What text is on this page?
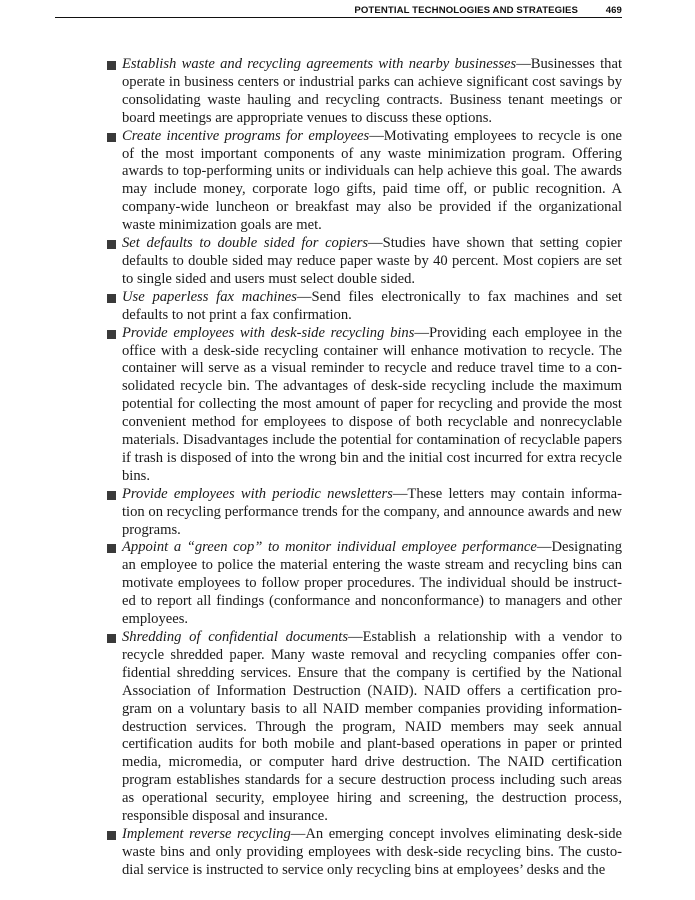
POTENTIAL TECHNOLOGIES AND STRATEGIES	469
Establish waste and recycling agreements with nearby businesses—Businesses that operate in business centers or industrial parks can achieve significant cost savings by consolidating waste hauling and recycling contracts. Business tenant meetings or board meetings are appropriate venues to discuss these options.
Create incentive programs for employees—Motivating employees to recycle is one of the most important components of any waste minimization program. Offering awards to top-performing units or individuals can help achieve this goal. The awards may include money, corporate logo gifts, paid time off, or public recognition. A company-wide luncheon or breakfast may also be provided if the organizational waste minimization goals are met.
Set defaults to double sided for copiers—Studies have shown that setting copier defaults to double sided may reduce paper waste by 40 percent. Most copiers are set to single sided and users must select double sided.
Use paperless fax machines—Send files electronically to fax machines and set defaults to not print a fax confirmation.
Provide employees with desk-side recycling bins—Providing each employee in the office with a desk-side recycling container will enhance motivation to recycle. The container will serve as a visual reminder to recycle and reduce travel time to a con-solidated recycle bin. The advantages of desk-side recycling include the maximum potential for collecting the most amount of paper for recycling and provide the most convenient method for employees to dispose of both recyclable and nonrecyclable materials. Disadvantages include the potential for contamination of recyclable papers if trash is disposed of into the wrong bin and the initial cost incurred for extra recycle bins.
Provide employees with periodic newsletters—These letters may contain informa-tion on recycling performance trends for the company, and announce awards and new programs.
Appoint a “green cop” to monitor individual employee performance—Designating an employee to police the material entering the waste stream and recycling bins can motivate employees to follow proper procedures. The individual should be instruct-ed to report all findings (conformance and nonconformance) to managers and other employees.
Shredding of confidential documents—Establish a relationship with a vendor to recycle shredded paper. Many waste removal and recycling companies offer con-fidential shredding services. Ensure that the company is certified by the National Association of Information Destruction (NAID). NAID offers a certification pro-gram on a voluntary basis to all NAID member companies providing information-destruction services. Through the program, NAID members may seek annual certification audits for both mobile and plant-based operations in paper or printed media, micromedia, or computer hard drive destruction. The NAID certification program establishes standards for a secure destruction process including such areas as operational security, employee hiring and screening, the destruction process, responsible disposal and insurance.
Implement reverse recycling—An emerging concept involves eliminating desk-side waste bins and only providing employees with desk-side recycling bins. The custo-dial service is instructed to service only recycling bins at employees’ desks and the
